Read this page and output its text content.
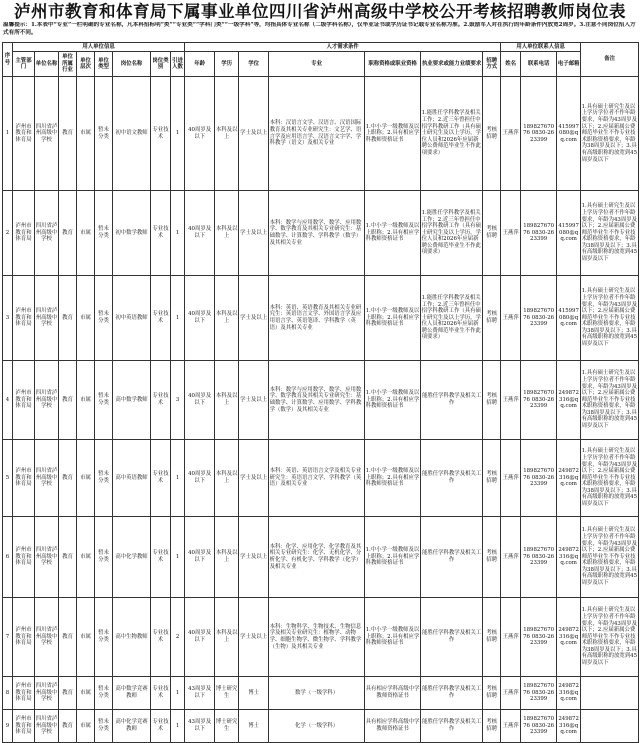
泸州市教育和体育局下属事业单位四川省泸州高级中学校公开考核招聘教师岗位表
温馨提示：1.本表中“专业”一栏明确的专业名称，凡本科招标明“类”“专业类”“学科门类”“一级学科”等，均指具体专业名称（二级学科名称），仅毕业证书或学历证书记载专业名称为准。2.鼓励军人对在执行的年龄条件内放宽2周岁。3.注意不同岗位招入方式有所不同。
序号	用人单位信息								人才需求条件							用人单位联系人信息			备注
	主管部门	单位名称	单位所属行业	单位层次	单位类型	岗位名称	岗位类别	引进人数	年龄	学历	学位	专业	职称资格或职业资格	执业要求或能力业绩要求	招聘方式	姓名	联系电话	电子邮箱	
1	泸州市教育和体育局	四川省泸州高级中学校	教育	市属	暂未分类	初中语文教师	专业技术	1	40周岁及以下	本科及以上	学士及以上	本科：汉语言文学、汉语言、汉语国际教育及其相关专业研究生：文艺学、语言学及应用语言学、汉语言文字学、学科教学（语文）及相关专业	1.中小学一级教师及以上职称；2.具有相应学科教师资格证书	1.能胜任学科教学及相关工作；2.近三年曾担任中招学科教研工作（具有硕士研究生及以上学历，学位人员和2026年应届新聘公费师范毕业生不作此项要求）	考核招聘	王燕萍	18982767076 0830-2623399	415997080@qq.com	1.具有硕士研究生及以上学历学位者不作年龄要求，年龄为43周岁及以下；2.应届新属公费师范毕业生不作专业技术职称资格要求，年龄为38周岁及以下；3.具有高级职称的放宽到45周岁及以下
2	泸州市教育和体育局	四川省泸州高级中学校	教育	市属	暂未分类	初中数学教师	专业技术	1	40周岁及以下	本科及以上	学士及以上	本科：数学与应用数学、数学、应用数学、数学教育及其相关专业研究生：基础数学、计算数学、学科教学（数学）及其相关专业	1.中小学一级教师及以上职称；2.具有相应学科教师资格证书	1.能胜任学科教学及相关工作；2.近三年曾担任中招学科教研工作（具有硕士研究生及以上学历，学位人员和2026年应届新聘公费师范毕业生不作此项要求）	考核招聘	王燕萍	18982767076 0830-2623399	415997080@qq.com	1.具有硕士研究生及以上学历学位者不作年龄要求，年龄为43周岁及以下；2.应届新属公费师范毕业生不作专业技术职称资格要求，年龄为38周岁及以下；3.具有高级职称的放宽到45周岁及以下
3	泸州市教育和体育局	四川省泸州高级中学校	教育	市属	暂未分类	初中英语教师	专业技术	1	40周岁及以下	本科及以上	学士及以上	本科：英语、英语教育及其相关专业研究生：英语语言文学、外国语言学及应用语言学、英语笔译、学科教学（英语）及其相关专业	1.中小学一级教师及以上职称；2.具有相应学科教师资格证书	1.能胜任学科教学及相关工作；2.近三年曾担任中招学科教研工作（具有硕士研究生及以上学历，学位人员和2026年应届新聘公费师范毕业生不作此项要求）	考核招聘	王燕萍	18982767076 0830-2623399	415997080@qq.com	1.具有硕士研究生及以上学历学位者不作年龄要求，年龄为43周岁及以下；2.应届新属公费师范毕业生不作专业技术职称资格要求，年龄为38周岁及以下；3.具有高级职称的放宽到45周岁及以下
4	泸州市教育和体育局	四川省泸州高级中学校	教育	市属	暂未分类	高中数学教师	专业技术	3	40周岁及以下	本科及以上	学士及以上	本科：数学与应用数学、数学、应用数学、数学教育及其相关专业研究生：基础数学、计算数学、应用数学、学科教学（数学）及其相关专业	1.中小学一级教师及以上职称；2.具有相应学科教师资格证书	能胜任学科教学及相关工作	考核招聘	王燕萍	18982767076 0830-2623399	249872316@qq.com	1.具有硕士研究生及以上学历学位者不作年龄要求，年龄为43周岁及以下；2.应届新属公费师范毕业生不作专业技术职称资格要求，年龄为38周岁及以下；3.具有高级职称的放宽到45周岁及以下
5	泸州市教育和体育局	四川省泸州高级中学校	教育	市属	暂未分类	高中英语教师	专业技术	1	40周岁及以下	本科及以上	学士及以上	本科：英语、英语语言文学及相关专业研究生：英语语言文学、学科教学（英语）及相关专业	1.中小学一级教师及以上职称；2.具有相应学科教师资格证书	能胜任学科教学及相关工作	考核招聘	王燕萍	18982767076 0830-2623399	249872316@qq.com	1.具有硕士研究生及以上学历学位者不作年龄要求，年龄为43周岁及以下；2.应届新属公费师范毕业生不作专业技术职称资格要求，年龄为38周岁及以下；3.具有高级职称的放宽到45周岁及以下
6	泸州市教育和体育局	四川省泸州高级中学校	教育	市属	暂未分类	高中化学教师	专业技术	1	40周岁及以下	本科及以上	学士及以上	本科：化学、应用化学、化学教育及其相关专业研究生：化学、无机化学、分析化学、有机化学、学科教学（化学）及相关专业	1.中小学一级教师及以上职称；2.具有相应学科教师资格证书	能胜任学科教学及相关工作	考核招聘	王燕萍	18982767076 0830-2623399	249872316@qq.com	1.具有硕士研究生及以上学历学位者不作年龄要求，年龄为43周岁及以下；2.应届新属公费师范毕业生不作专业技术职称资格要求，年龄为38周岁及以下；3.具有高级职称的放宽到45周岁及以下
7	泸州市教育和体育局	四川省泸州高级中学校	教育	市属	暂未分类	高中生物教师	专业技术	2	40周岁及以下	本科及以上	学士及以上	本科：生物科学、生物技术、生物信息学及相关专业研究生：植物学、动物学、细胞生物学、微生物学、学科教学（生物）及其相关专业	1.中小学一级教师及以上职称；2.具有相应学科教师资格证书	能胜任学科教学及相关工作	考核招聘	王燕萍	18982767076 0830-2623399	249872316@qq.com	1.具有硕士研究生及以上学历学位者不作年龄要求，年龄为43周岁及以下；2.应届新属公费师范毕业生不作专业技术职称资格要求，年龄为38周岁及以下；3.具有高级职称的放宽到45周岁及以下
8	泸州市教育和体育局	四川省泸州高级中学校	教育	市属	暂未分类	高中数学竞赛教师	专业技术	1	43周岁及以下	博士研究生	博士	数学（一级学科）	具有相应学科高级中学教师资格证书	能胜任学科教学及相关工作	考核招聘	王燕萍	18982767076 0830-2623399	249872316@qq.com	
9	泸州市教育和体育局	四川省泸州高级中学校	教育	市属	暂未分类	高中化学竞赛教师	专业技术	1	43周岁及以下	博士研究生	博士	化学（一级学科）	具有相应学科高级中学教师资格证书	能胜任学科教学及相关工作	考核招聘	王燕萍	18982767076 0830-2623399	249872316@qq.com	
